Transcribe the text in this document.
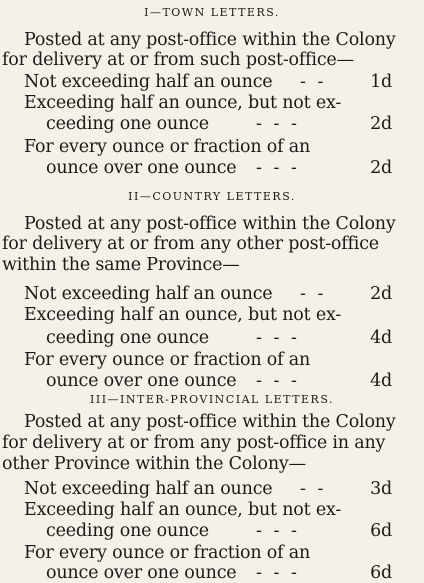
I—TOWN LETTERS.
Posted at any post-office within the Colony
for delivery at or from such post-office—
Not exceeding half an ounce - - 1d
Exceeding half an ounce, but not ex-
ceeding one ounce	- - -	2d
For every ounce or fraction of an
ounce over one ounce - - -	2d
II—COUNTRY LETTERS.
Posted at any post-office within the Colony
for delivery at or from any other post-office
within the same Province—
Not exceeding half an ounce - - 2d
Exceeding half an ounce, but not ex-
ceeding one ounce	- - -	4d
For every ounce or fraction of an
ounce over one ounce - - -	4d
III—INTER-PROVINCIAL LETTERS.
Posted at any post-office within the Colony
for delivery at or from any post-office in any
other Province within the Colony—
Not exceeding half an ounce - - 3d
Exceeding half an ounce, but not ex-
ceeding one ounce	- - -	6d
For every ounce or fraction of an
ounce over one ounce - - -	6d
